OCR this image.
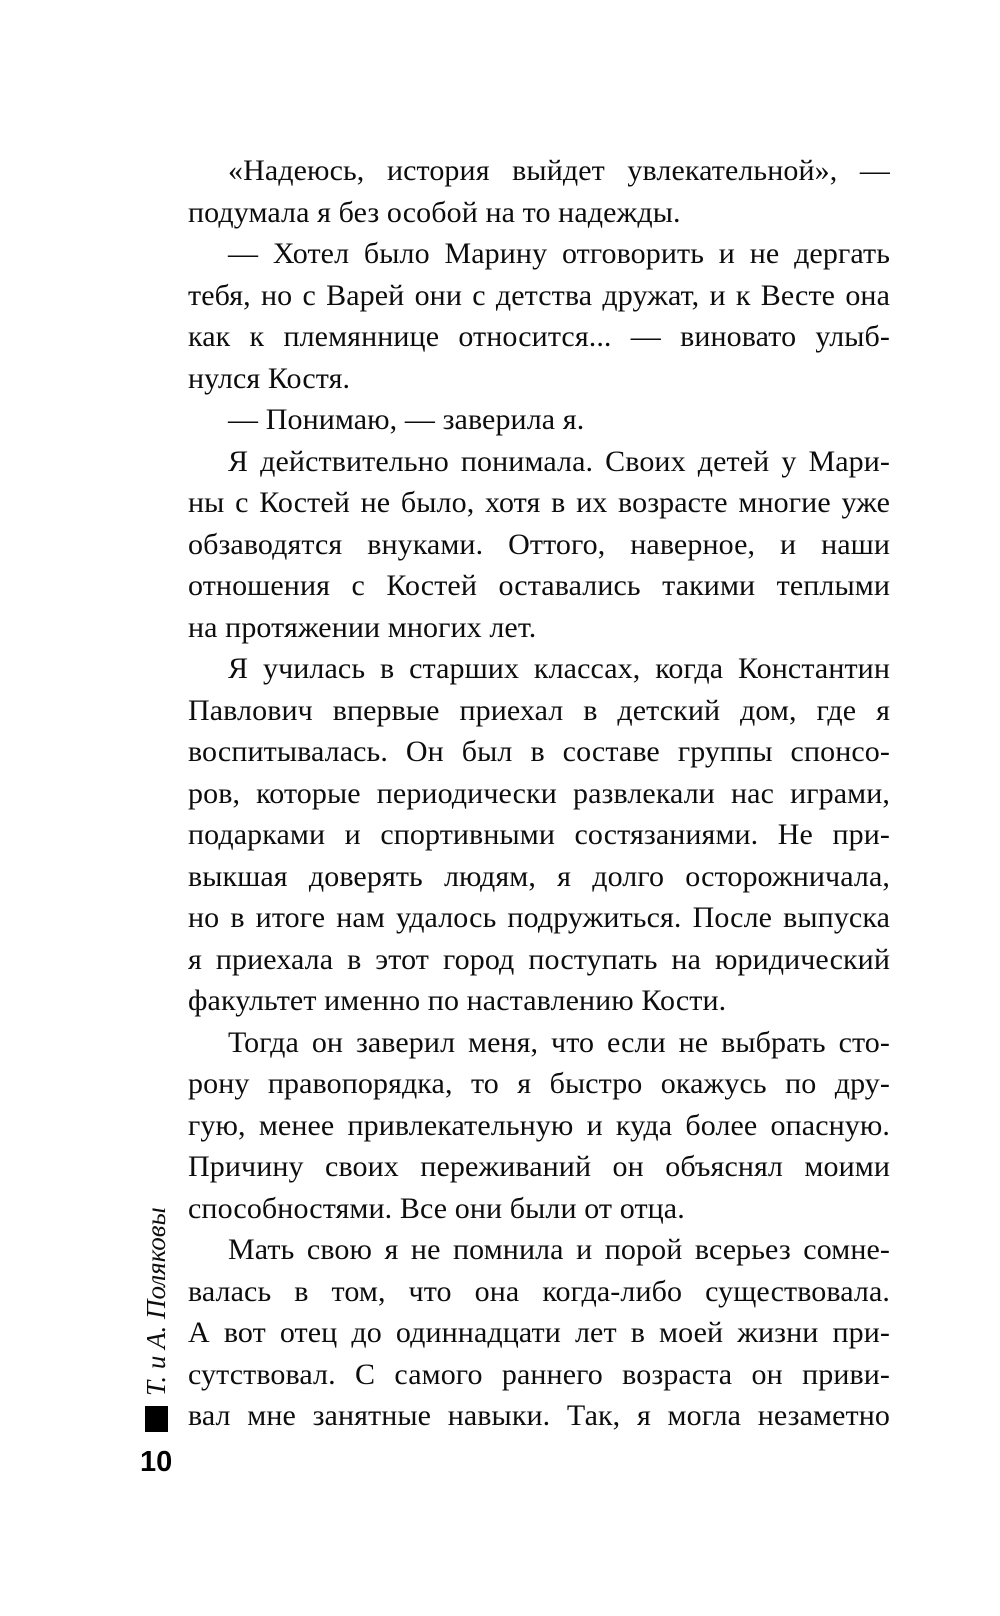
«Надеюсь, история выйдет увлекательной», —
подумала я без особой на то надежды.
— Хотел было Марину отговорить и не дергать
тебя, но с Варей они с детства дружат, и к Весте она
как к племяннице относится... — виновато улыб-
нулся Костя.
— Понимаю, — заверила я.
Я действительно понимала. Своих детей у Мари-
ны с Костей не было, хотя в их возрасте многие уже
обзаводятся внуками. Оттого, наверное, и наши
отношения с Костей оставались такими теплыми
на протяжении многих лет.
Я училась в старших классах, когда Константин
Павлович впервые приехал в детский дом, где я
воспитывалась. Он был в составе группы спонсо-
ров, которые периодически развлекали нас играми,
подарками и спортивными состязаниями. Не при-
выкшая доверять людям, я долго осторожничала,
но в итоге нам удалось подружиться. После выпуска
я приехала в этот город поступать на юридический
факультет именно по наставлению Кости.
Тогда он заверил меня, что если не выбрать сто-
рону правопорядка, то я быстро окажусь по дру-
гую, менее привлекательную и куда более опасную.
Причину своих переживаний он объяснял моими
способностями. Все они были от отца.
Мать свою я не помнила и порой всерьез сомне-
валась в том, что она когда-либо существовала.
А вот отец до одиннадцати лет в моей жизни при-
сутствовал. С самого раннего возраста он приви-
вал мне занятные навыки. Так, я могла незаметно
Т. и А. Поляковы
10
